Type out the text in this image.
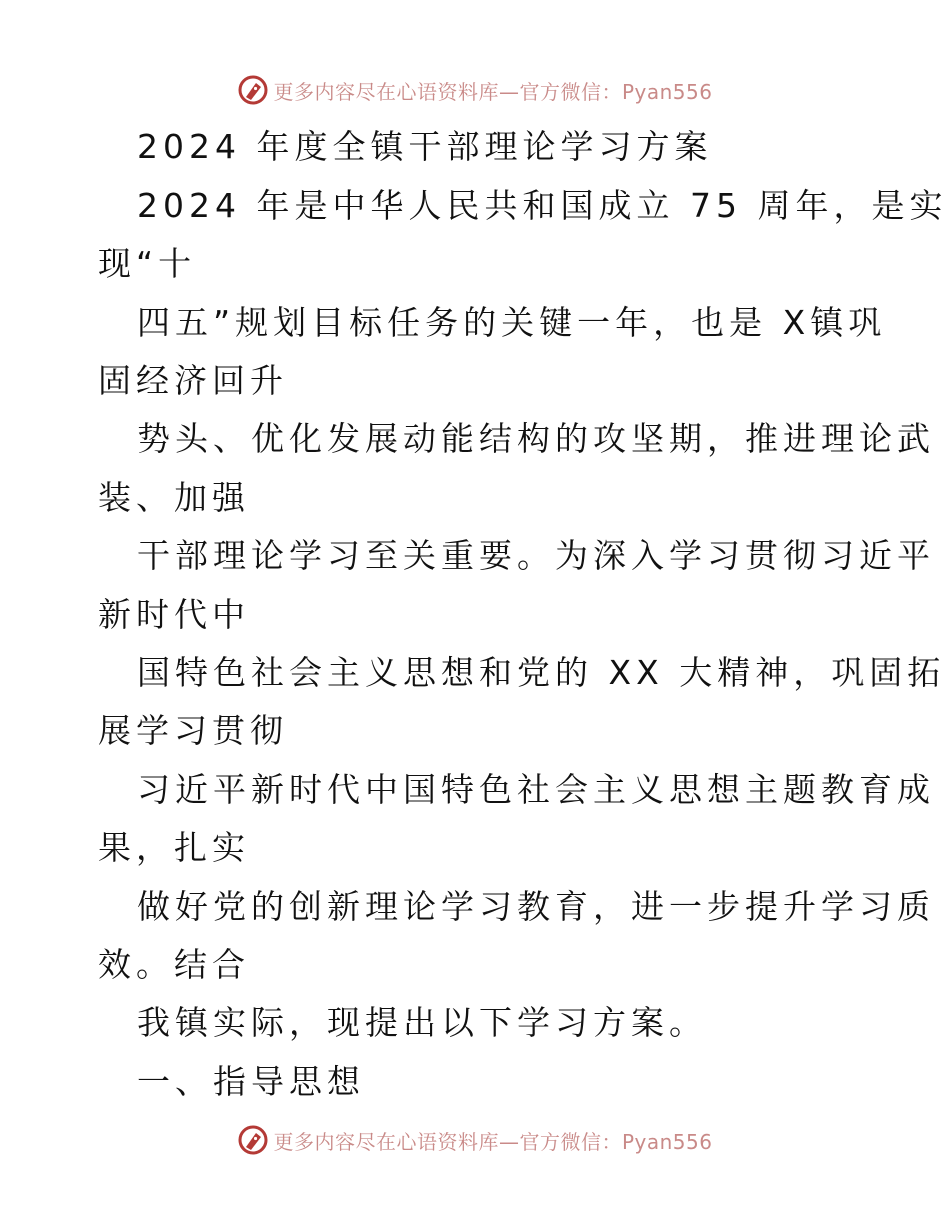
更多内容尽在心语资料库—官方微信：Pyan556
2024 年度全镇干部理论学习方案
2024 年是中华人民共和国成立 75 周年，是实
现“十
四五”规划目标任务的关键一年，也是 X镇巩
固经济回升
势头、优化发展动能结构的攻坚期，推进理论武
装、加强
干部理论学习至关重要。为深入学习贯彻习近平
新时代中
国特色社会主义思想和党的 XX 大精神，巩固拓
展学习贯彻
习近平新时代中国特色社会主义思想主题教育成
果，扎实
做好党的创新理论学习教育，进一步提升学习质
效。结合
我镇实际，现提出以下学习方案。
一、指导思想
更多内容尽在心语资料库—官方微信：Pyan556
